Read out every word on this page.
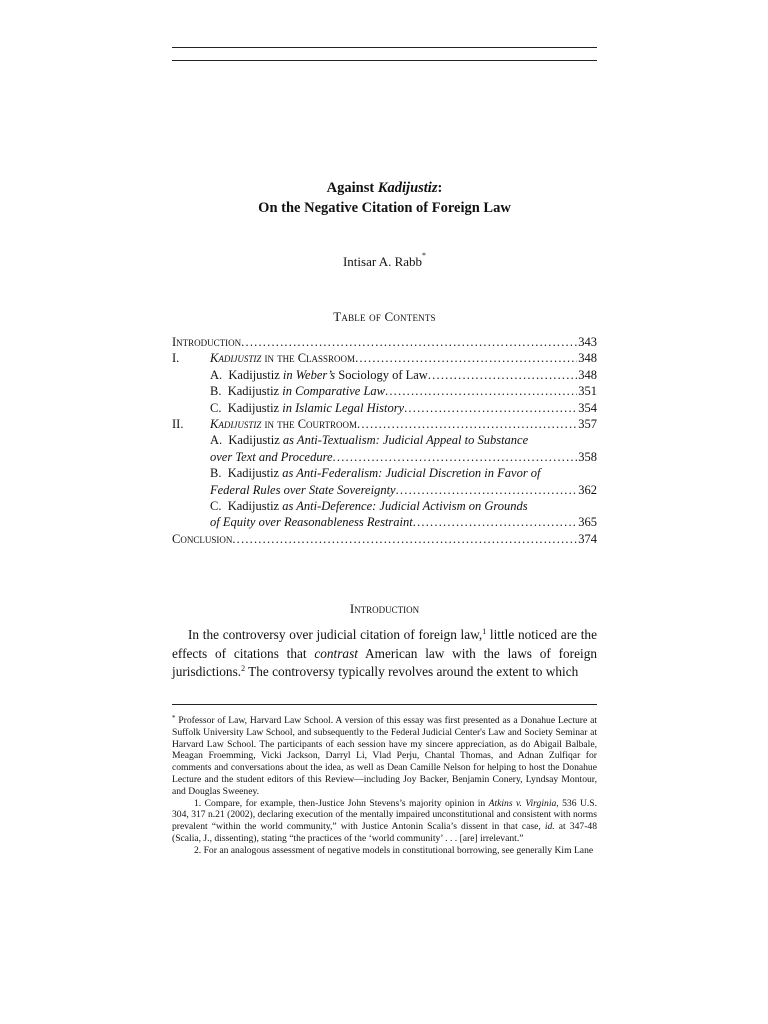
Against Kadijustiz:
On the Negative Citation of Foreign Law
Intisar A. Rabb*
Table of Contents
Introduction .....	343
I. Kadijustiz in the Classroom .....	348
A. Kadijustiz in Weber’s Sociology of Law .....	348
B. Kadijustiz in Comparative Law .....	351
C. Kadijustiz in Islamic Legal History .....	354
II. Kadijustiz in the Courtroom .....	357
A. Kadijustiz as Anti-Textualism: Judicial Appeal to Substance
over Text and Procedure .....	358
B. Kadijustiz as Anti-Federalism: Judicial Discretion in Favor of
Federal Rules over State Sovereignty .....	362
C. Kadijustiz as Anti-Deference: Judicial Activism on Grounds
of Equity over Reasonableness Restraint .....	365
Conclusion .....	374
Introduction

In the controversy over judicial citation of foreign law,$^1$ little noticed are the effects of citations that contrast American law with the laws of foreign jurisdictions.$^2$ The controversy typically revolves around the extent to which

* Professor of Law, Harvard Law School. A version of this essay was first presented as a Donahue Lecture at Suffolk University Law School, and subsequently to the Federal Judicial Center's Law and Society Seminar at Harvard Law School. The participants of each session have my sincere appreciation, as do Abigail Balbale, Meagan Froemming, Vicki Jackson, Darryl Li, Vlad Perju, Chantal Thomas, and Adnan Zulfiqar for comments and conversations about the idea, as well as Dean Camille Nelson for helping to host the Donahue Lecture and the student editors of this Review—including Joy Backer, Benjamin Conery, Lyndsay Montour, and Douglas Sweeney.

1. Compare, for example, then-Justice John Stevens’s majority opinion in Atkins v. Virginia, 536 U.S. 304, 317 n.21 (2002), declaring execution of the mentally impaired unconstitutional and consistent with norms prevalent “within the world community,” with Justice Antonin Scalia’s dissent in that case, id. at 347-48 (Scalia, J., dissenting), stating “the practices of the ‘world community’ . . . [are] irrelevant.”

2. For an analogous assessment of negative models in constitutional borrowing, see generally Kim Lane
